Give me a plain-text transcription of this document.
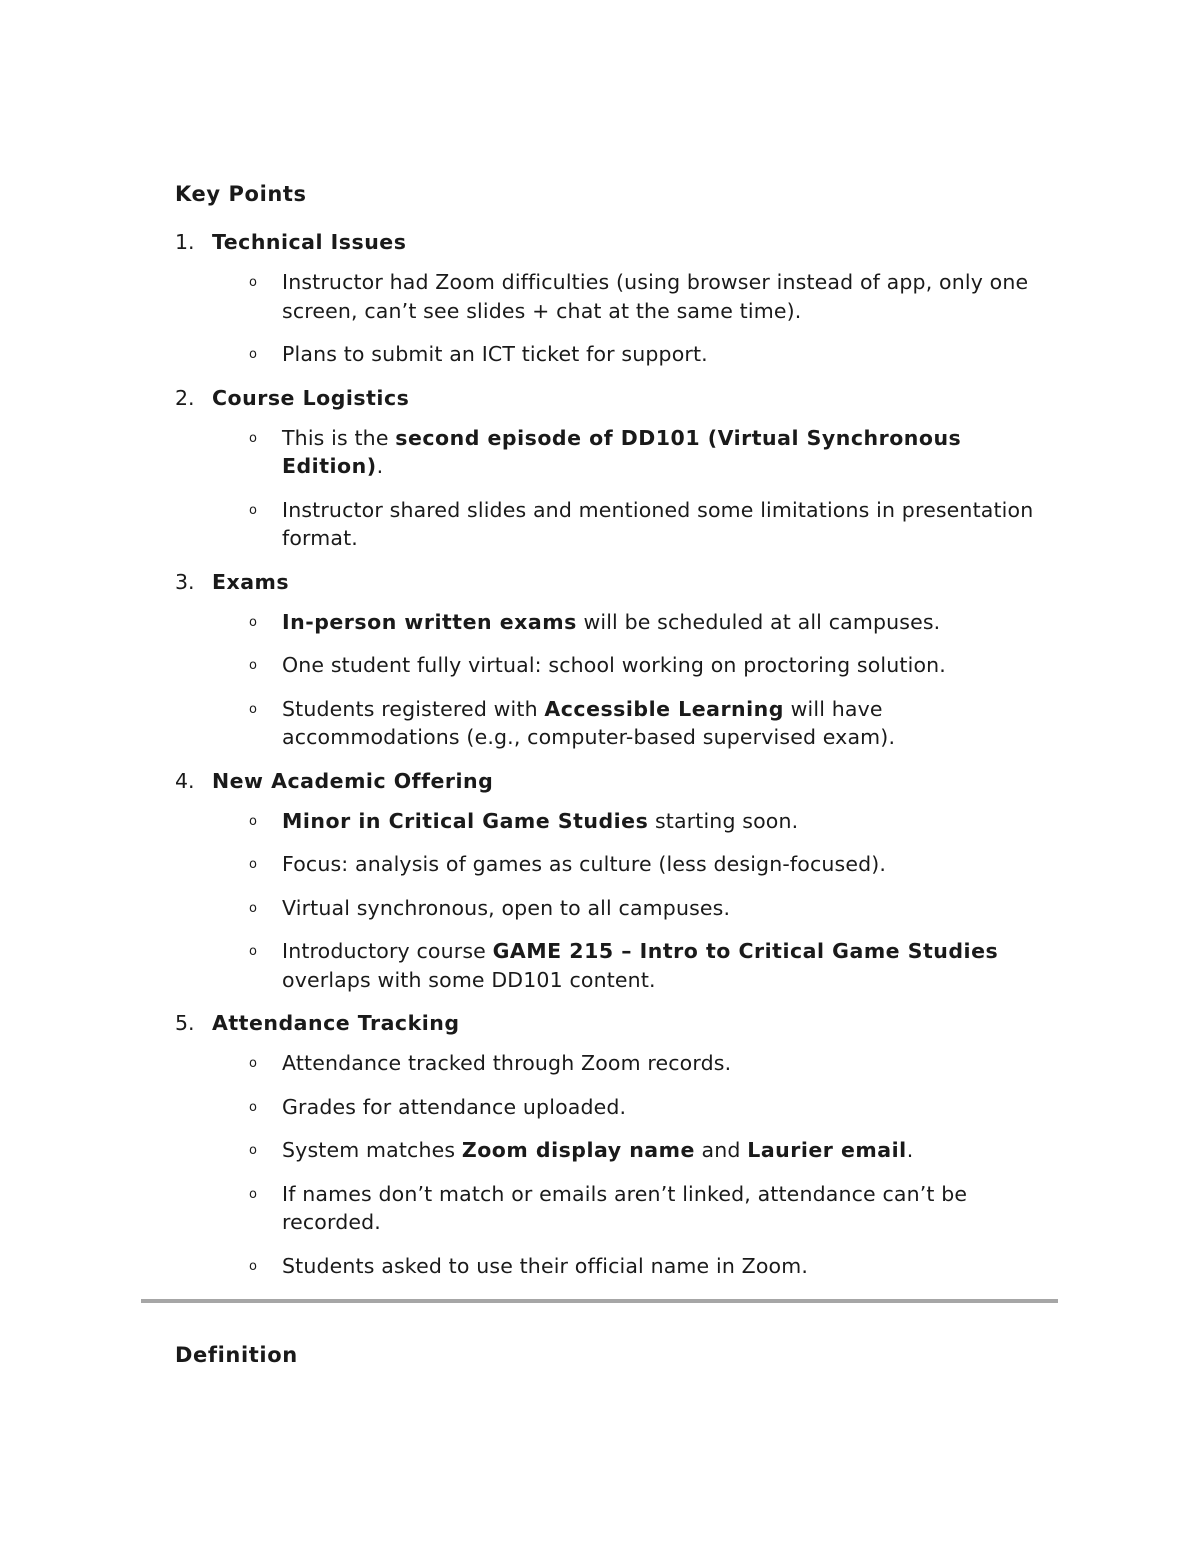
Key Points
1. Technical Issues
o	Instructor had Zoom difficulties (using browser instead of app, only one screen, can’t see slides + chat at the same time).
o	Plans to submit an ICT ticket for support.
2. Course Logistics
o	This is the second episode of DD101 (Virtual Synchronous Edition).
o	Instructor shared slides and mentioned some limitations in presentation format.
3. Exams
o	In-person written exams will be scheduled at all campuses.
o	One student fully virtual: school working on proctoring solution.
o	Students registered with Accessible Learning will have accommodations (e.g., computer-based supervised exam).
4. New Academic Offering
o	Minor in Critical Game Studies starting soon.
o	Focus: analysis of games as culture (less design-focused).
o	Virtual synchronous, open to all campuses.
o	Introductory course GAME 215 – Intro to Critical Game Studies overlaps with some DD101 content.
5. Attendance Tracking
o	Attendance tracked through Zoom records.
o	Grades for attendance uploaded.
o	System matches Zoom display name and Laurier email.
o	If names don’t match or emails aren’t linked, attendance can’t be recorded.
o	Students asked to use their official name in Zoom.
Definition
